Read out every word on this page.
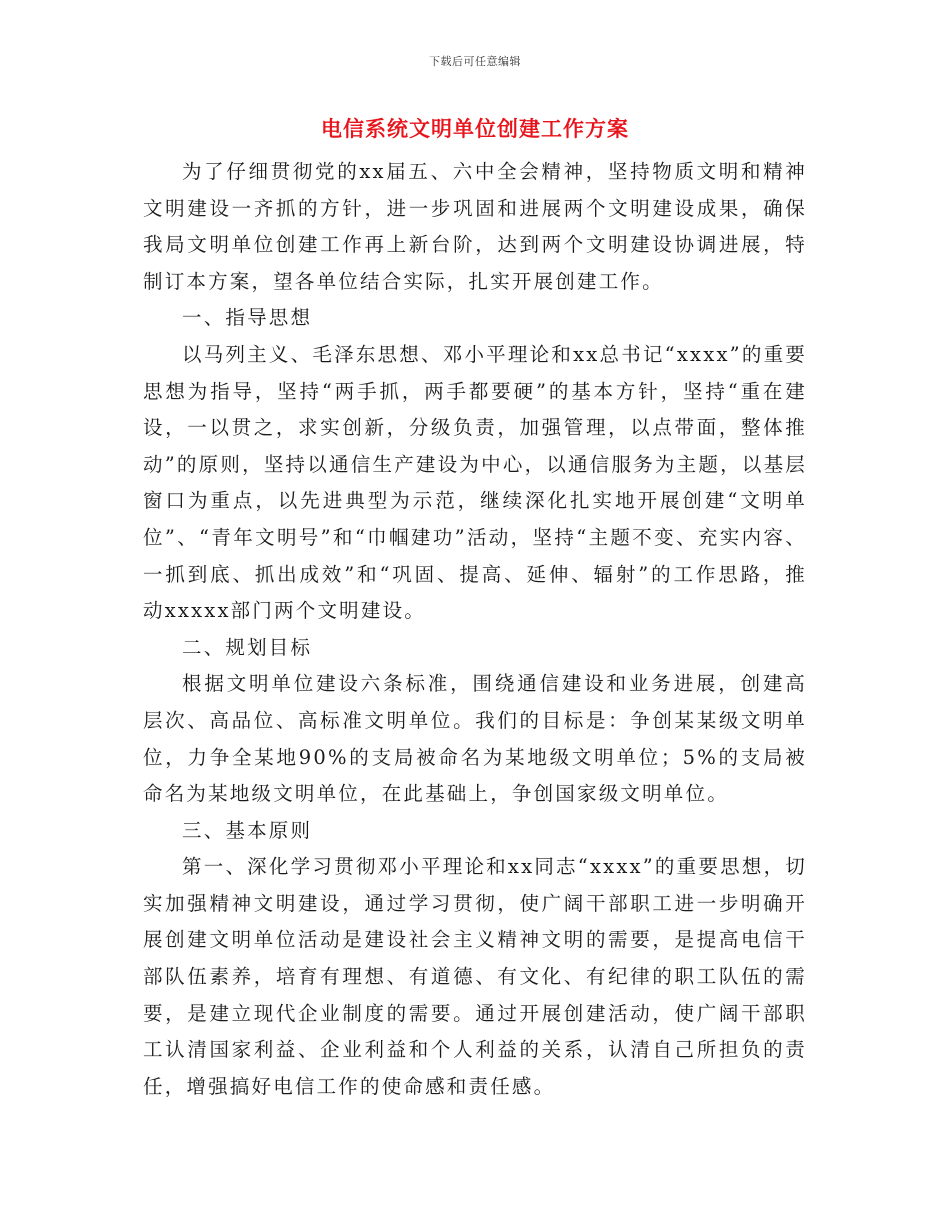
下载后可任意编辑
电信系统文明单位创建工作方案

为了仔细贯彻党的xx届五、六中全会精神，坚持物质文明和精神文明建设一齐抓的方针，进一步巩固和进展两个文明建设成果，确保我局文明单位创建工作再上新台阶，达到两个文明建设协调进展，特制订本方案，望各单位结合实际，扎实开展创建工作。

一、指导思想

以马列主义、毛泽东思想、邓小平理论和xx总书记“xxxx”的重要思想为指导，坚持“两手抓，两手都要硬”的基本方针，坚持“重在建设，一以贯之，求实创新，分级负责，加强管理，以点带面，整体推动”的原则，坚持以通信生产建设为中心，以通信服务为主题，以基层窗口为重点，以先进典型为示范，继续深化扎实地开展创建“文明单位”、“青年文明号”和“巾帼建功”活动，坚持“主题不变、充实内容、一抓到底、抓出成效”和“巩固、提高、延伸、辐射”的工作思路，推动xxxxx部门两个文明建设。

二、规划目标

根据文明单位建设六条标准，围绕通信建设和业务进展，创建高层次、高品位、高标准文明单位。我们的目标是：争创某某级文明单位，力争全某地90%的支局被命名为某地级文明单位；5%的支局被命名为某地级文明单位，在此基础上，争创国家级文明单位。

三、基本原则

第一、深化学习贯彻邓小平理论和xx同志“xxxx”的重要思想，切实加强精神文明建设，通过学习贯彻，使广阔干部职工进一步明确开展创建文明单位活动是建设社会主义精神文明的需要，是提高电信干部队伍素养，培育有理想、有道德、有文化、有纪律的职工队伍的需要，是建立现代企业制度的需要。通过开展创建活动，使广阔干部职工认清国家利益、企业利益和个人利益的关系，认清自己所担负的责任，增强搞好电信工作的使命感和责任感。
